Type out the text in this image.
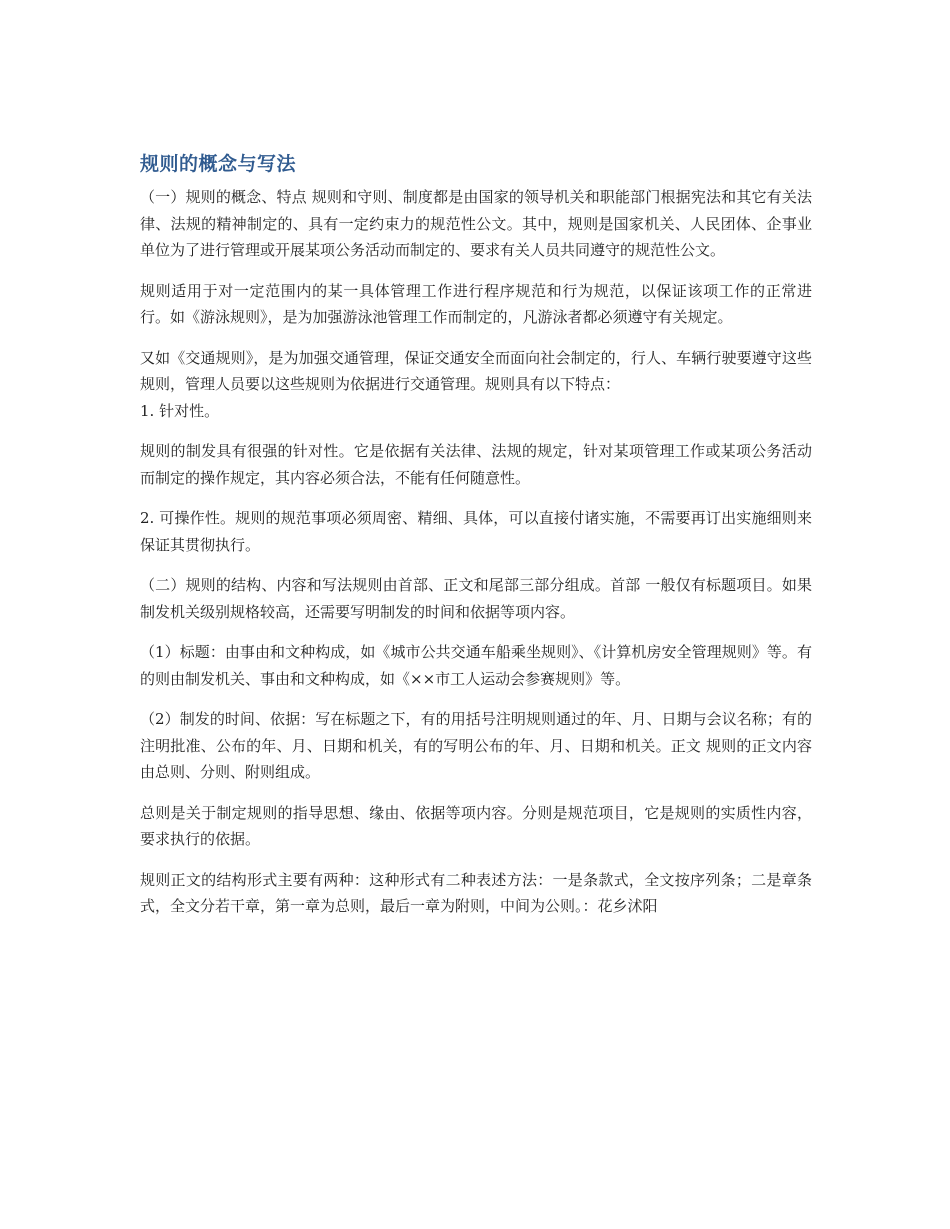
规则的概念与写法

（一）规则的概念、特点 规则和守则、制度都是由国家的领导机关和职能部门根据宪法和其它有关法律、法规的精神制定的、具有一定约束力的规范性公文。其中，规则是国家机关、人民团体、企事业单位为了进行管理或开展某项公务活动而制定的、要求有关人员共同遵守的规范性公文。

规则适用于对一定范围内的某一具体管理工作进行程序规范和行为规范，以保证该项工作的正常进行。如《游泳规则》，是为加强游泳池管理工作而制定的，凡游泳者都必须遵守有关规定。

又如《交通规则》，是为加强交通管理，保证交通安全而面向社会制定的，行人、车辆行驶要遵守这些规则，管理人员要以这些规则为依据进行交通管理。规则具有以下特点：

1. 针对性。

规则的制发具有很强的针对性。它是依据有关法律、法规的规定，针对某项管理工作或某项公务活动而制定的操作规定，其内容必须合法，不能有任何随意性。

2. 可操作性。规则的规范事项必须周密、精细、具体，可以直接付诸实施，不需要再订出实施细则来保证其贯彻执行。

（二）规则的结构、内容和写法规则由首部、正文和尾部三部分组成。首部 一般仅有标题项目。如果制发机关级别规格较高，还需要写明制发的时间和依据等项内容。

（1）标题：由事由和文种构成，如《城市公共交通车船乘坐规则》、《计算机房安全管理规则》等。有的则由制发机关、事由和文种构成，如《××市工人运动会参赛规则》等。

（2）制发的时间、依据：写在标题之下，有的用括号注明规则通过的年、月、日期与会议名称；有的注明批准、公布的年、月、日期和机关，有的写明公布的年、月、日期和机关。正文 规则的正文内容由总则、分则、附则组成。

总则是关于制定规则的指导思想、缘由、依据等项内容。分则是规范项目，它是规则的实质性内容，要求执行的依据。

规则正文的结构形式主要有两种：这种形式有二种表述方法：一是条款式，全文按序列条；二是章条式，全文分若干章，第一章为总则，最后一章为附则，中间为公则。：花乡沭阳
